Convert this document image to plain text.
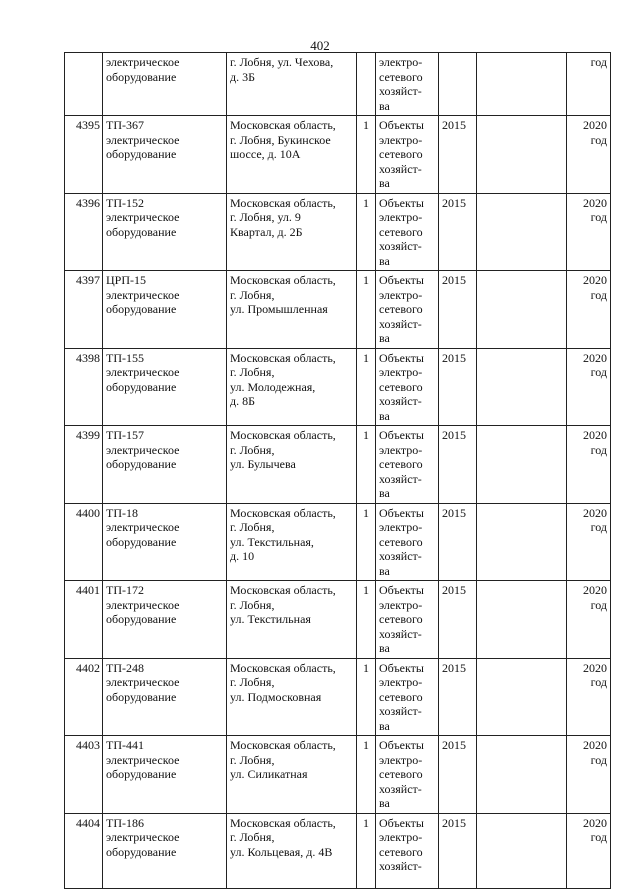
402
	электрическое
оборудование	г. Лобня, ул. Чехова,
д. 3Б		электро-
сетевого
хозяйст-
ва			год
4395	ТП-367
электрическое
оборудование	Московская область,
г. Лобня, Букинское
шоссе, д. 10А	1	Объекты
электро-
сетевого
хозяйст-
ва	2015		2020
год
4396	ТП-152
электрическое
оборудование	Московская область,
г. Лобня, ул. 9
Квартал, д. 2Б	1	Объекты
электро-
сетевого
хозяйст-
ва	2015		2020
год
4397	ЦРП-15
электрическое
оборудование	Московская область,
г. Лобня,
ул. Промышленная	1	Объекты
электро-
сетевого
хозяйст-
ва	2015		2020
год
4398	ТП-155
электрическое
оборудование	Московская область,
г. Лобня,
ул. Молодежная,
д. 8Б	1	Объекты
электро-
сетевого
хозяйст-
ва	2015		2020
год
4399	ТП-157
электрическое
оборудование	Московская область,
г. Лобня,
ул. Булычева	1	Объекты
электро-
сетевого
хозяйст-
ва	2015		2020
год
4400	ТП-18
электрическое
оборудование	Московская область,
г. Лобня,
ул. Текстильная,
д. 10	1	Объекты
электро-
сетевого
хозяйст-
ва	2015		2020
год
4401	ТП-172
электрическое
оборудование	Московская область,
г. Лобня,
ул. Текстильная	1	Объекты
электро-
сетевого
хозяйст-
ва	2015		2020
год
4402	ТП-248
электрическое
оборудование	Московская область,
г. Лобня,
ул. Подмосковная	1	Объекты
электро-
сетевого
хозяйст-
ва	2015		2020
год
4403	ТП-441
электрическое
оборудование	Московская область,
г. Лобня,
ул. Силикатная	1	Объекты
электро-
сетевого
хозяйст-
ва	2015		2020
год
4404	ТП-186
электрическое
оборудование	Московская область,
г. Лобня,
ул. Кольцевая, д. 4В	1	Объекты
электро-
сетевого
хозяйст-	2015		2020
год
